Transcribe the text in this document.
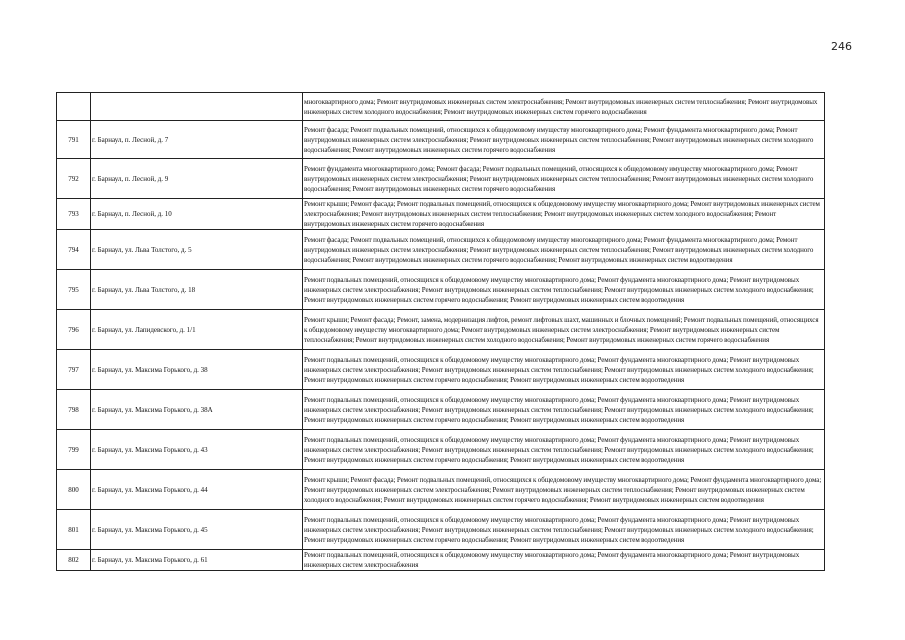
246
		многоквартирного дома; Ремонт внутридомовых инженерных систем электроснабжения; Ремонт внутридомовых инженерных систем теплоснабжения; Ремонт внутридомовых инженерных систем холодного водоснабжения; Ремонт внутридомовых инженерных систем горячего водоснабжения
791	г. Барнаул, п. Лесной, д. 7	Ремонт фасада; Ремонт подвальных помещений, относящихся к общедомовому имуществу многоквартирного дома; Ремонт фундамента многоквартирного дома; Ремонт внутридомовых инженерных систем электроснабжения; Ремонт внутридомовых инженерных систем теплоснабжения; Ремонт внутридомовых инженерных систем холодного водоснабжения; Ремонт внутридомовых инженерных систем горячего водоснабжения
792	г. Барнаул, п. Лесной, д. 9	Ремонт фундамента многоквартирного дома; Ремонт фасада; Ремонт подвальных помещений, относящихся к общедомовому имуществу многоквартирного дома; Ремонт внутридомовых инженерных систем электроснабжения; Ремонт внутридомовых инженерных систем теплоснабжения; Ремонт внутридомовых инженерных систем холодного водоснабжения; Ремонт внутридомовых инженерных систем горячего водоснабжения
793	г. Барнаул, п. Лесной, д. 10	Ремонт крыши; Ремонт фасада; Ремонт подвальных помещений, относящихся к общедомовому имуществу многоквартирного дома; Ремонт внутридомовых инженерных систем электроснабжения; Ремонт внутридомовых инженерных систем теплоснабжения; Ремонт внутридомовых инженерных систем холодного водоснабжения; Ремонт внутридомовых инженерных систем горячего водоснабжения
794	г. Барнаул, ул. Льва Толстого, д. 5	Ремонт фасада; Ремонт подвальных помещений, относящихся к общедомовому имуществу многоквартирного дома; Ремонт фундамента многоквартирного дома; Ремонт внутридомовых инженерных систем электроснабжения; Ремонт внутридомовых инженерных систем теплоснабжения; Ремонт внутридомовых инженерных систем холодного водоснабжения; Ремонт внутридомовых инженерных систем горячего водоснабжения; Ремонт внутридомовых инженерных систем водоотведения
795	г. Барнаул, ул. Льва Толстого, д. 18	Ремонт подвальных помещений, относящихся к общедомовому имуществу многоквартирного дома; Ремонт фундамента многоквартирного дома; Ремонт внутридомовых инженерных систем электроснабжения; Ремонт внутридомовых инженерных систем теплоснабжения; Ремонт внутридомовых инженерных систем холодного водоснабжения; Ремонт внутридомовых инженерных систем горячего водоснабжения; Ремонт внутридомовых инженерных систем водоотведения
796	г. Барнаул, ул. Лапидевского, д. 1/1	Ремонт крыши; Ремонт фасада; Ремонт, замена, модернизация лифтов, ремонт лифтовых шахт, машинных и блочных помещений; Ремонт подвальных помещений, относящихся к общедомовому имуществу многоквартирного дома; Ремонт внутридомовых инженерных систем электроснабжения; Ремонт внутридомовых инженерных систем теплоснабжения; Ремонт внутридомовых инженерных систем холодного водоснабжения; Ремонт внутридомовых инженерных систем горячего водоснабжения
797	г. Барнаул, ул. Максима Горького, д. 38	Ремонт подвальных помещений, относящихся к общедомовому имуществу многоквартирного дома; Ремонт фундамента многоквартирного дома; Ремонт внутридомовых инженерных систем электроснабжения; Ремонт внутридомовых инженерных систем теплоснабжения; Ремонт внутридомовых инженерных систем холодного водоснабжения; Ремонт внутридомовых инженерных систем горячего водоснабжения; Ремонт внутридомовых инженерных систем водоотведения
798	г. Барнаул, ул. Максима Горького, д. 38А	Ремонт подвальных помещений, относящихся к общедомовому имуществу многоквартирного дома; Ремонт фундамента многоквартирного дома; Ремонт внутридомовых инженерных систем электроснабжения; Ремонт внутридомовых инженерных систем теплоснабжения; Ремонт внутридомовых инженерных систем холодного водоснабжения; Ремонт внутридомовых инженерных систем горячего водоснабжения; Ремонт внутридомовых инженерных систем водоотведения
799	г. Барнаул, ул. Максима Горького, д. 43	Ремонт подвальных помещений, относящихся к общедомовому имуществу многоквартирного дома; Ремонт фундамента многоквартирного дома; Ремонт внутридомовых инженерных систем электроснабжения; Ремонт внутридомовых инженерных систем теплоснабжения; Ремонт внутридомовых инженерных систем холодного водоснабжения; Ремонт внутридомовых инженерных систем горячего водоснабжения; Ремонт внутридомовых инженерных систем водоотведения
800	г. Барнаул, ул. Максима Горького, д. 44	Ремонт крыши; Ремонт фасада; Ремонт подвальных помещений, относящихся к общедомовому имуществу многоквартирного дома; Ремонт фундамента многоквартирного дома; Ремонт внутридомовых инженерных систем электроснабжения; Ремонт внутридомовых инженерных систем теплоснабжения; Ремонт внутридомовых инженерных систем холодного водоснабжения; Ремонт внутридомовых инженерных систем горячего водоснабжения; Ремонт внутридомовых инженерных систем водоотведения
801	г. Барнаул, ул. Максима Горького, д. 45	Ремонт подвальных помещений, относящихся к общедомовому имуществу многоквартирного дома; Ремонт фундамента многоквартирного дома; Ремонт внутридомовых инженерных систем электроснабжения; Ремонт внутридомовых инженерных систем теплоснабжения; Ремонт внутридомовых инженерных систем холодного водоснабжения; Ремонт внутридомовых инженерных систем горячего водоснабжения; Ремонт внутридомовых инженерных систем водоотведения
802	г. Барнаул, ул. Максима Горького, д. 61	Ремонт подвальных помещений, относящихся к общедомовому имуществу многоквартирного дома; Ремонт фундамента многоквартирного дома; Ремонт внутридомовых инженерных систем электроснабжения
